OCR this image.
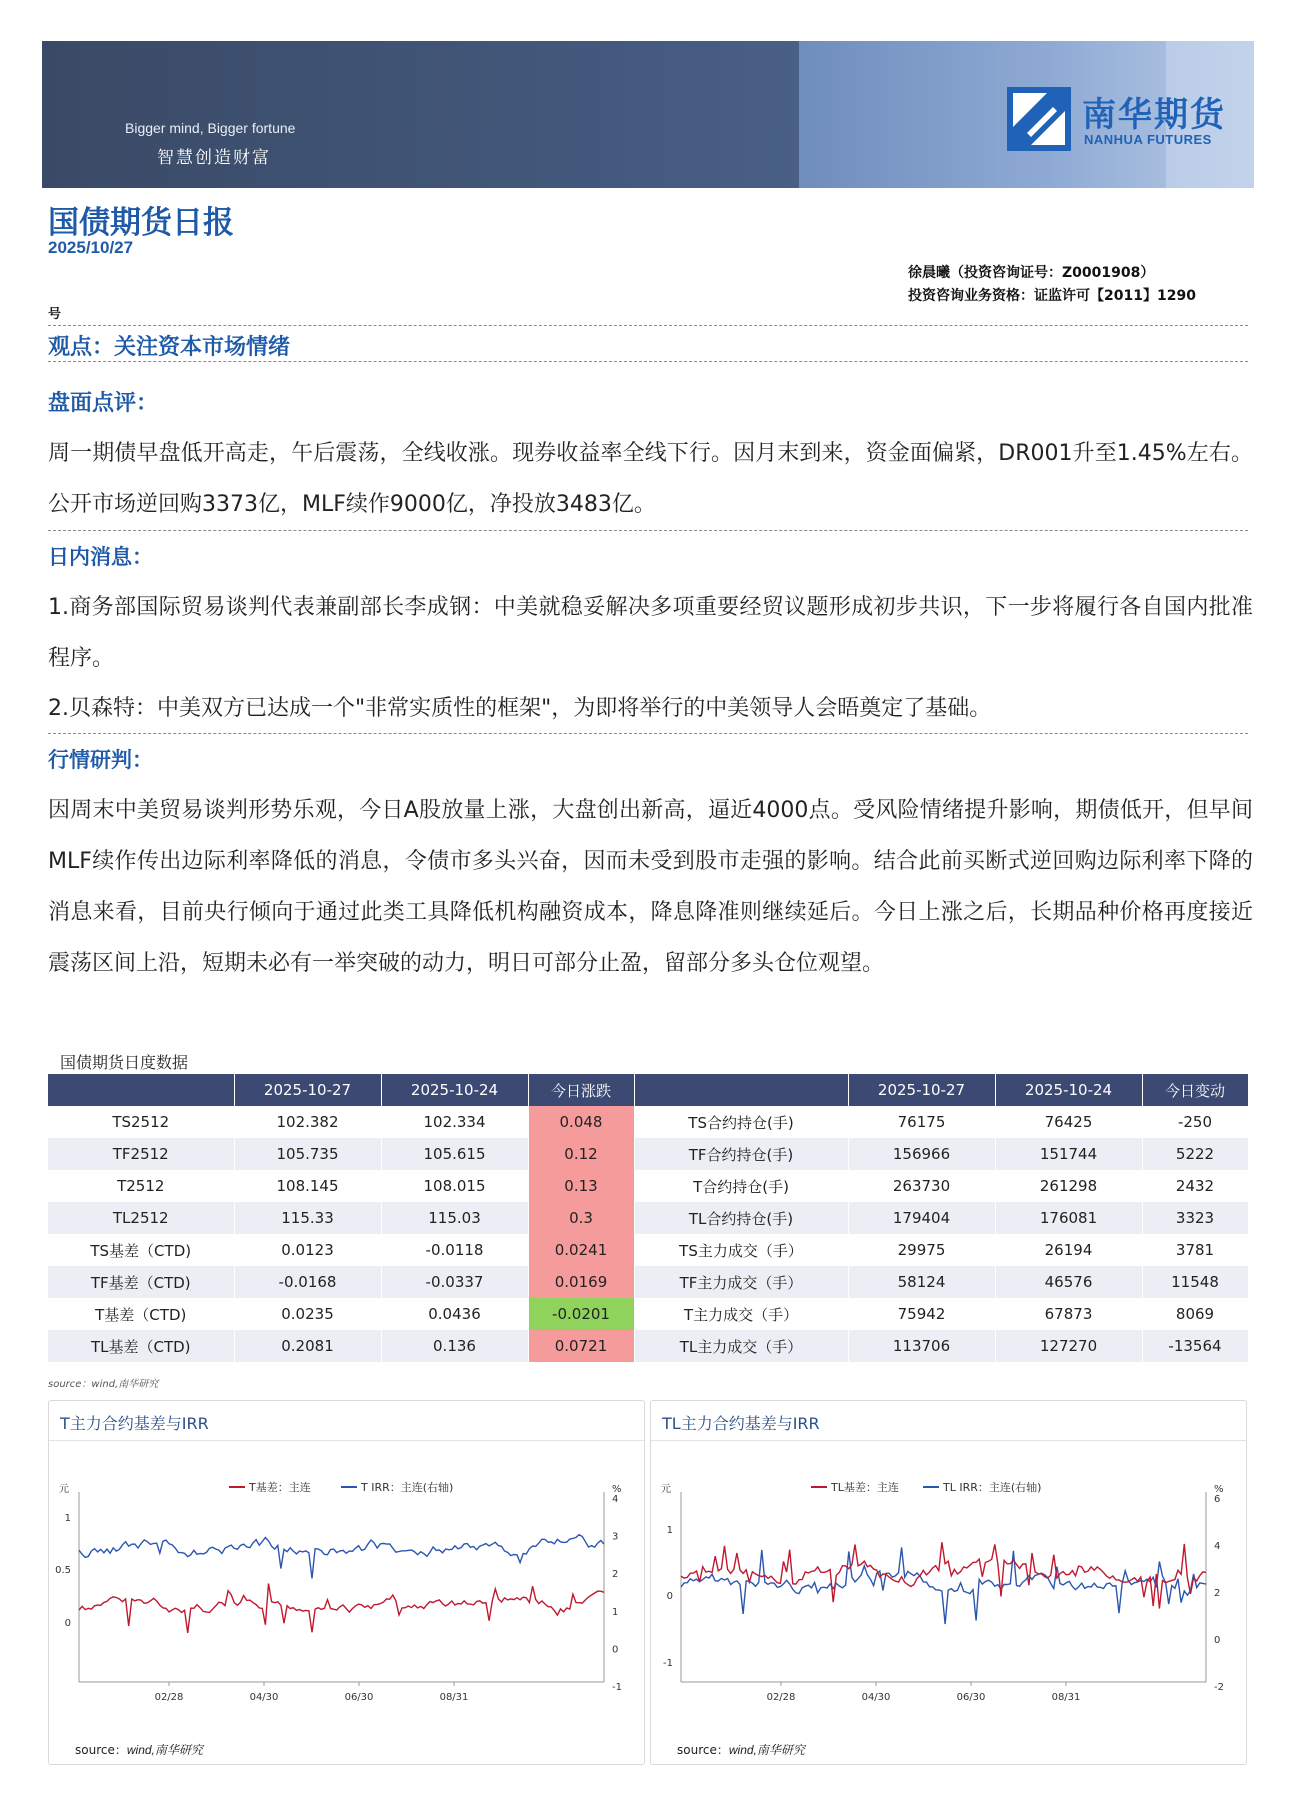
Bigger mind, Bigger fortune
智慧创造财富
南华期货
NANHUA FUTURES
国债期货日报
2025/10/27
徐晨曦（投资咨询证号：Z0001908）
投资咨询业务资格：证监许可【2011】1290
号
观点：关注资本市场情绪
盘面点评：
周一期债早盘低开高走，午后震荡，全线收涨。现券收益率全线下行。因月末到来，资金面偏紧，DR001升至1.45%左右。公开市场逆回购3373亿，MLF续作9000亿，净投放3483亿。
日内消息：
1.商务部国际贸易谈判代表兼副部长李成钢：中美就稳妥解决多项重要经贸议题形成初步共识，下一步将履行各自国内批准程序。
2.贝森特：中美双方已达成一个"非常实质性的框架"，为即将举行的中美领导人会晤奠定了基础。
行情研判：
因周末中美贸易谈判形势乐观，今日A股放量上涨，大盘创出新高，逼近4000点。受风险情绪提升影响，期债低开，但早间MLF续作传出边际利率降低的消息，令债市多头兴奋，因而未受到股市走强的影响。结合此前买断式逆回购边际利率下降的消息来看，目前央行倾向于通过此类工具降低机构融资成本，降息降准则继续延后。今日上涨之后，长期品种价格再度接近震荡区间上沿，短期未必有一举突破的动力，明日可部分止盈，留部分多头仓位观望。
国债期货日度数据
	2025-10-27	2025-10-24	今日涨跌		2025-10-27	2025-10-24	今日变动
TS2512	102.382	102.334	0.048	TS合约持仓(手)	76175	76425	-250
TF2512	105.735	105.615	0.12	TF合约持仓(手)	156966	151744	5222
T2512	108.145	108.015	0.13	T合约持仓(手)	263730	261298	2432
TL2512	115.33	115.03	0.3	TL合约持仓(手)	179404	176081	3323
TS基差（CTD)	0.0123	-0.0118	0.0241	TS主力成交（手）	29975	26194	3781
TF基差（CTD)	-0.0168	-0.0337	0.0169	TF主力成交（手）	58124	46576	11548
T基差（CTD)	0.0235	0.0436	-0.0201	T主力成交（手）	75942	67873	8069
TL基差（CTD)	0.2081	0.136	0.0721	TL主力成交（手）	113706	127270	-13564
source：wind,南华研究
T主力合约基差与IRR
元	%
T基差：主连	T IRR：主连(右轴)
1
0.5
0
4
3
2
1
0
-1
02/28	04/30	06/30	08/31
source：wind,南华研究
TL主力合约基差与IRR
元	%
TL基差：主连	TL IRR：主连(右轴)
1
0
-1
6
4
2
0
-2
02/28	04/30	06/30	08/31
source：wind,南华研究
